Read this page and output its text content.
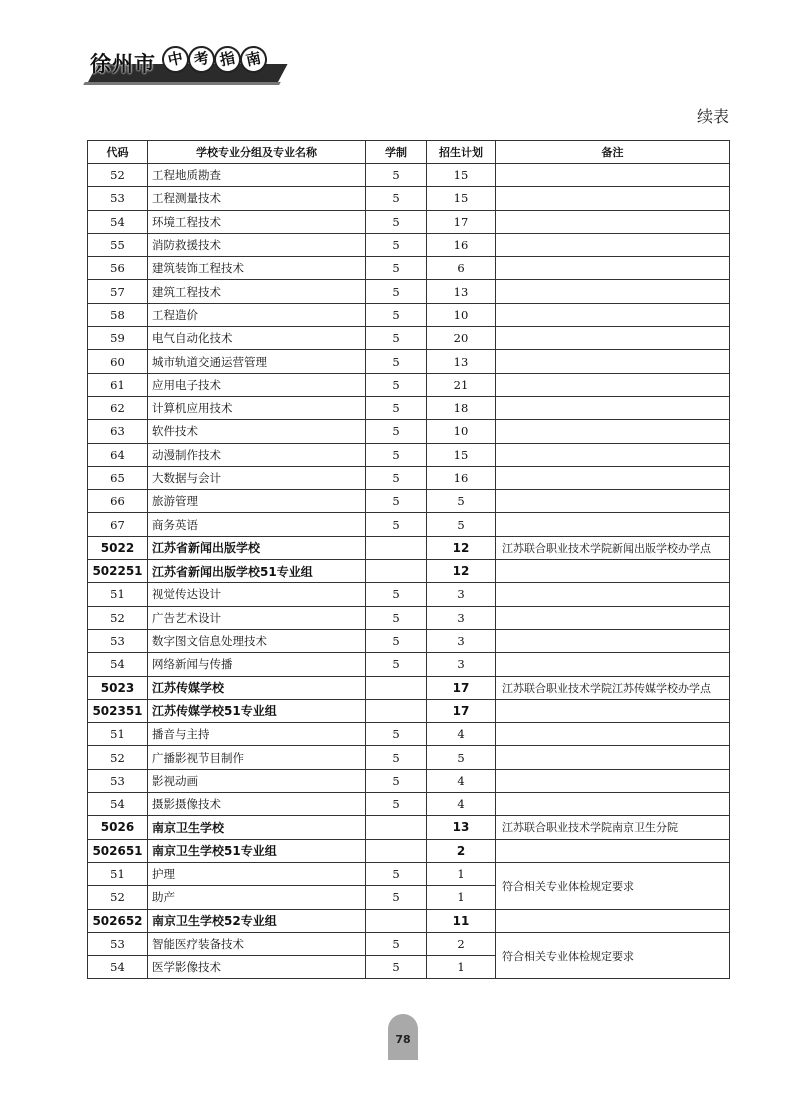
徐州市 中 考 指 南
续表
代码	学校专业分组及专业名称	学制	招生计划	备注
52	工程地质勘查	5	15	
53	工程测量技术	5	15	
54	环境工程技术	5	17	
55	消防救援技术	5	16	
56	建筑装饰工程技术	5	6	
57	建筑工程技术	5	13	
58	工程造价	5	10	
59	电气自动化技术	5	20	
60	城市轨道交通运营管理	5	13	
61	应用电子技术	5	21	
62	计算机应用技术	5	18	
63	软件技术	5	10	
64	动漫制作技术	5	15	
65	大数据与会计	5	16	
66	旅游管理	5	5	
67	商务英语	5	5	
5022	江苏省新闻出版学校		12	江苏联合职业技术学院新闻出版学校办学点
502251	江苏省新闻出版学校51专业组		12	
51	视觉传达设计	5	3	
52	广告艺术设计	5	3	
53	数字图文信息处理技术	5	3	
54	网络新闻与传播	5	3	
5023	江苏传媒学校		17	江苏联合职业技术学院江苏传媒学校办学点
502351	江苏传媒学校51专业组		17	
51	播音与主持	5	4	
52	广播影视节目制作	5	5	
53	影视动画	5	4	
54	摄影摄像技术	5	4	
5026	南京卫生学校		13	江苏联合职业技术学院南京卫生分院
502651	南京卫生学校51专业组		2	
51	护理	5	1	符合相关专业体检规定要求
52	助产	5	1	
502652	南京卫生学校52专业组		11	
53	智能医疗装备技术	5	2	符合相关专业体检规定要求
54	医学影像技术	5	1	
78
